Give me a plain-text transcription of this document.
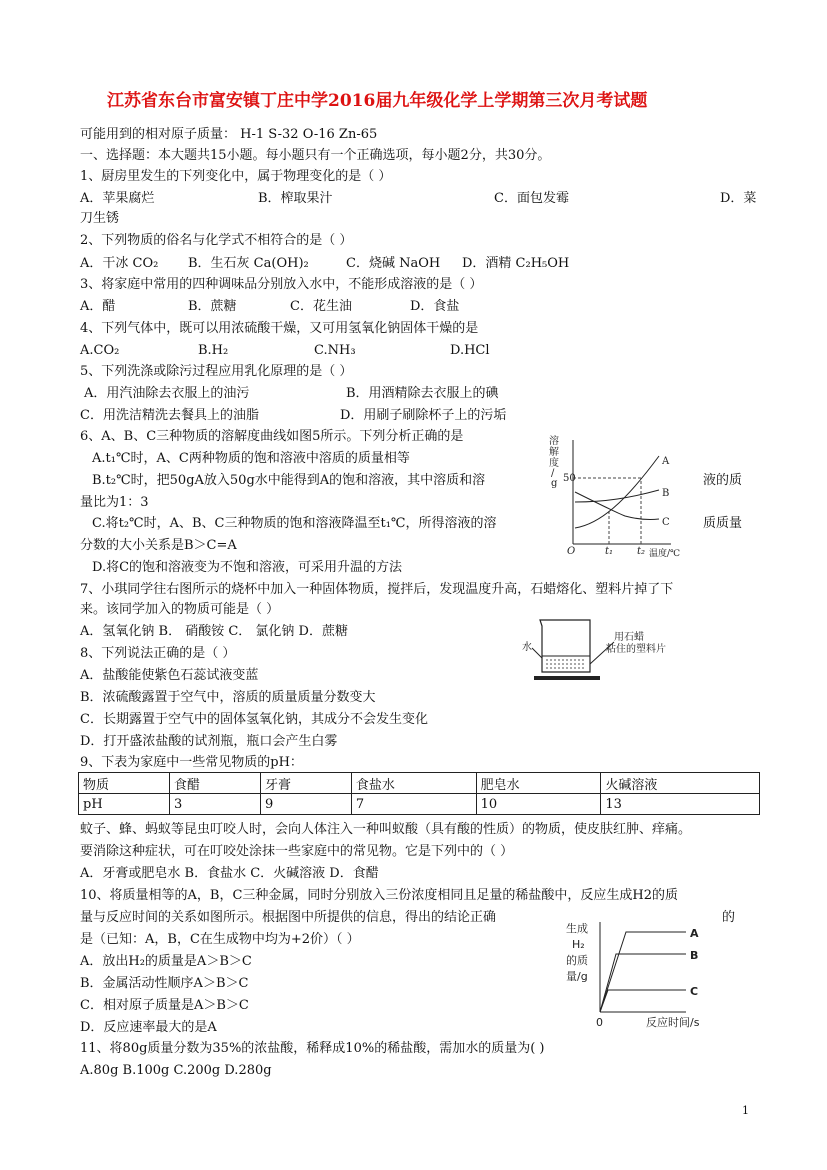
江苏省东台市富安镇丁庄中学2016届九年级化学上学期第三次月考试题
可能用到的相对原子质量： H-1 S-32 O-16 Zn-65
一、选择题：本大题共15小题。每小题只有一个正确选项，每小题2分，共30分。
1、厨房里发生的下列变化中，属于物理变化的是（ ）
A．苹果腐烂	B．榨取果汁	C．面包发霉	D．菜
刀生锈
2、下列物质的俗名与化学式不相符合的是（ ）
A．干冰 CO₂ B．生石灰 Ca(OH)₂	C．烧碱 NaOH D．酒精 C₂H₅OH
3、将家庭中常用的四种调味品分别放入水中，不能形成溶液的是（ ）
A．醋	B．蔗糖	C．花生油	D．食盐
4、下列气体中，既可以用浓硫酸干燥，又可用氢氧化钠固体干燥的是
A.CO₂	B.H₂	C.NH₃	D.HCl
5、下列洗涤或除污过程应用乳化原理的是（ ）
A．用汽油除去衣服上的油污	B．用酒精除去衣服上的碘
C．用洗洁精洗去餐具上的油脂	D．用刷子刷除杯子上的污垢
6、A、B、C三种物质的溶解度曲线如图5所示。下列分析正确的是
A.t₁℃时，A、C两种物质的饱和溶液中溶质的质量相等
B.t₂℃时，把50gA放入50g水中能得到A的饱和溶液，其中溶质和溶	液的质
量比为1：3
C.将t₂℃时，A、B、C三种物质的饱和溶液降温至t₁℃，所得溶液的溶	质质量
分数的大小关系是B＞C=A
D.将C的饱和溶液变为不饱和溶液，可采用升温的方法
溶
解
度
/
g 50
O	t₁ t₂ 温度/℃
A
B
C
7、小琪同学往右图所示的烧杯中加入一种固体物质，搅拌后，发现温度升高，石蜡熔化、塑料片掉了下
来。该同学加入的物质可能是（ ）
A．氢氧化钠 B． 硝酸铵 C． 氯化钠 D．蔗糖
水
用石蜡
粘住的塑料片
8、下列说法正确的是（ ）
A．盐酸能使紫色石蕊试液变蓝
B．浓硫酸露置于空气中，溶质的质量质量分数变大
C．长期露置于空气中的固体氢氧化钠，其成分不会发生变化
D．打开盛浓盐酸的试剂瓶，瓶口会产生白雾
9、下表为家庭中一些常见物质的pH：
物质	食醋	牙膏	食盐水	肥皂水	火碱溶液
pH	3	9	7	10	13
蚊子、蜂、蚂蚁等昆虫叮咬人时，会向人体注入一种叫蚁酸（具有酸的性质）的物质，使皮肤红肿、痒痛。
要消除这种症状，可在叮咬处涂抹一些家庭中的常见物。它是下列中的（ ）
A．牙膏或肥皂水 B．食盐水 C．火碱溶液 D．食醋
10、将质量相等的A，B，C三种金属，同时分别放入三份浓度相同且足量的稀盐酸中，反应生成H2的质
量与反应时间的关系如图所示。根据图中所提供的信息，得出的结论正确	的
是（已知：A，B，C在生成物中均为+2价）（ ）
A．放出H₂的质量是A＞B＞C
B．金属活动性顺序A＞B＞C
C．相对原子质量是A＞B＞C
D．反应速率最大的是A
生成
H₂
的质
量/g
0	反应时间/s
A
B
C
11、将80g质量分数为35%的浓盐酸，稀释成10%的稀盐酸，需加水的质量为( )
A.80g B.100g C.200g D.280g
1
